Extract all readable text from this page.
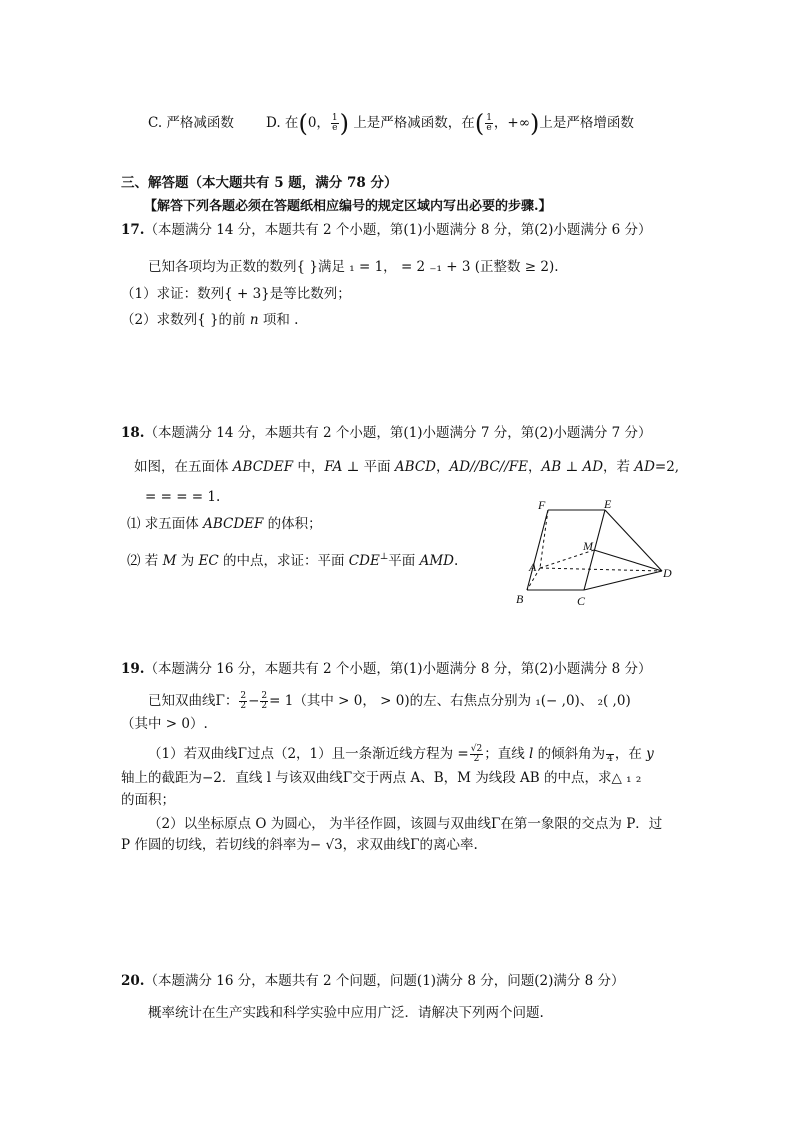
C. 严格减函数 D. 在(0， $\frac{1}{e}$ ) 上是严格减函数，在( $\frac{1}{e}$ ，+∞)上是严格增函数
三、解答题（本大题共有 5 题，满分 78 分）
【解答下列各题必须在答题纸相应编号的规定区域内写出必要的步骤.】
17.（本题满分 14 分，本题共有 2 个小题，第(1)小题满分 8 分，第(2)小题满分 6 分）
已知各项均为正数的数列{ }满足 ₁ = 1， = 2 ₋₁ + 3 (正整数 ≥ 2).
（1）求证：数列{ + 3}是等比数列；
（2）求数列{ }的前 n 项和 .
18.（本题满分 14 分，本题共有 2 个小题，第(1)小题满分 7 分，第(2)小题满分 7 分）
如图，在五面体 ABCDEF 中，FA ⊥ 平面 ABCD，AD//BC//FE，AB ⊥ AD，若 AD=2,
= = = = 1.
⑴ 求五面体 ABCDEF 的体积；
⑵ 若 M 为 EC 的中点，求证：平面 CDE⊥平面 AMD.
F	E
M
A	D
B	C
19.（本题满分 16 分，本题共有 2 个小题，第(1)小题满分 8 分，第(2)小题满分 8 分）
已知双曲线Γ： $\frac{2}{2} - \frac{2}{2} = 1$（其中 > 0， > 0)的左、右焦点分别为 ₁(− ,0)、 ₂( ,0)
（其中 > 0）.
（1）若双曲线Γ过点（2，1）且一条渐近线方程为 = $\frac{√2}{2}$ ；直线 l 的倾斜角为
4 ，在 y
轴上的截距为−2．直线 l 与该双曲线Γ交于两点 A、B，M 为线段 AB 的中点，求△ ₁ ₂
的面积；
（2）以坐标原点 O 为圆心， 为半径作圆，该圆与双曲线Γ在第一象限的交点为 P．过
P 作圆的切线，若切线的斜率为− √3，求双曲线Γ的离心率.
20.（本题满分 16 分，本题共有 2 个问题，问题(1)满分 8 分，问题(2)满分 8 分）
概率统计在生产实践和科学实验中应用广泛．请解决下列两个问题.
